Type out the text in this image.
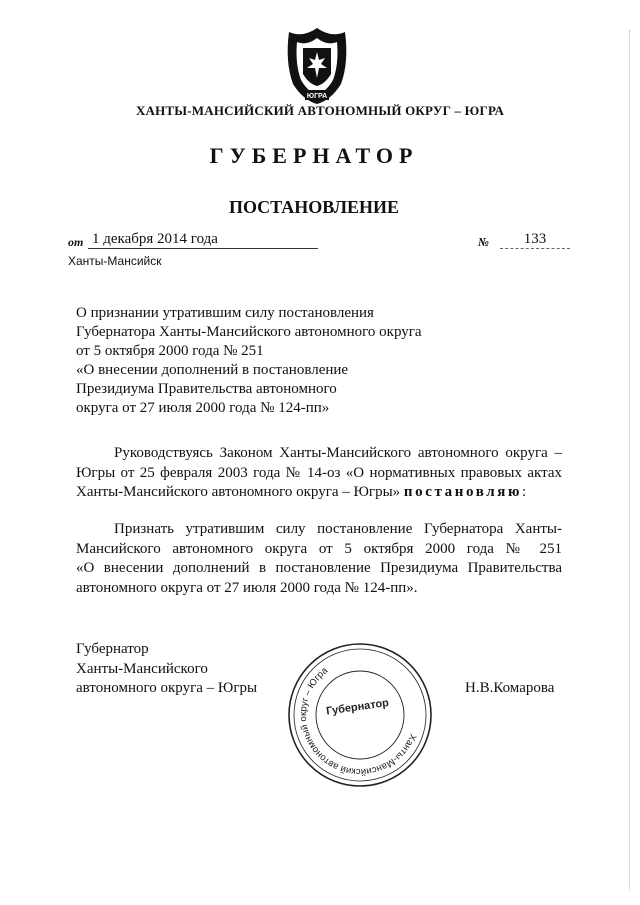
ЮГРА
ХАНТЫ-МАНСИЙСКИЙ АВТОНОМНЫЙ ОКРУГ – ЮГРА
ГУБЕРНАТОР
ПОСТАНОВЛЕНИЕ
от 1 декабря 2014 года	№	133
Ханты-Мансийск
О признании утратившим силу постановления
Губернатора Ханты-Мансийского автономного округа
от 5 октября 2000 года № 251
«О внесении дополнений в постановление
Президиума Правительства автономного
округа от 27 июля 2000 года № 124-пп»
Руководствуясь Законом Ханты-Мансийского автономного округа –
Югры от 25 февраля 2003 года № 14-оз «О нормативных правовых актах
Ханты-Мансийского автономного округа – Югры» постановляю:
Признать утратившим силу постановление Губернатора Ханты-
Мансийского автономного округа от 5 октября 2000 года № 251
«О внесении дополнений в постановление Президиума Правительства
автономного округа от 27 июля 2000 года № 124-пп».
Губернатор
Ханты-Мансийского
автономного округа – Югры
Ханты-Мансийский автономный округ – Югра
Губернатор
Н.В.Комарова
